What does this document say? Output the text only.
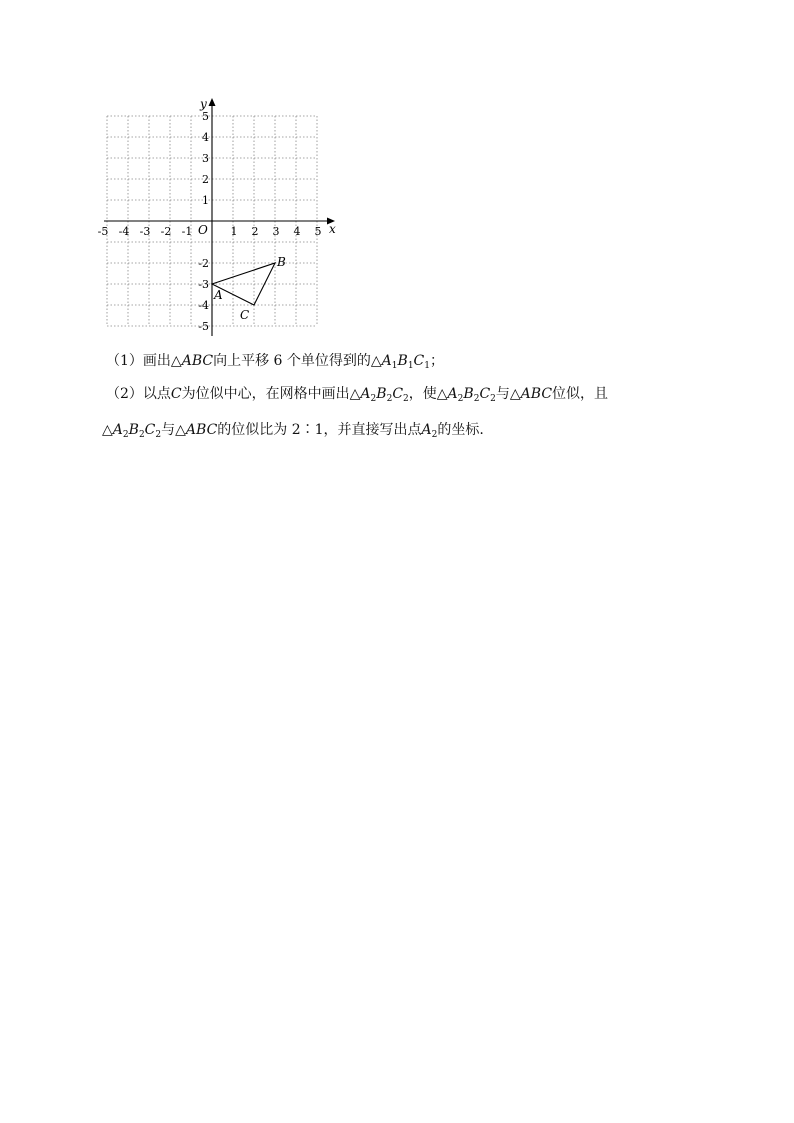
-5 -4 -3 -2 -1	1 2 3 4 5
5
4
3
2
1
-2
-3
-4
-5
x
y
O
A
B
C
（1）画出△ABC向上平移 6 个单位得到的$\triangle A_1B_1C_1$；
（2）以点C为位似中心，在网格中画出$\triangle A_2B_2C_2$，使$\triangle A_2B_2C_2$与△ABC位似，且
$\triangle A_2B_2C_2$与△ABC的位似比为 2∶1，并直接写出点$A_2$的坐标.
